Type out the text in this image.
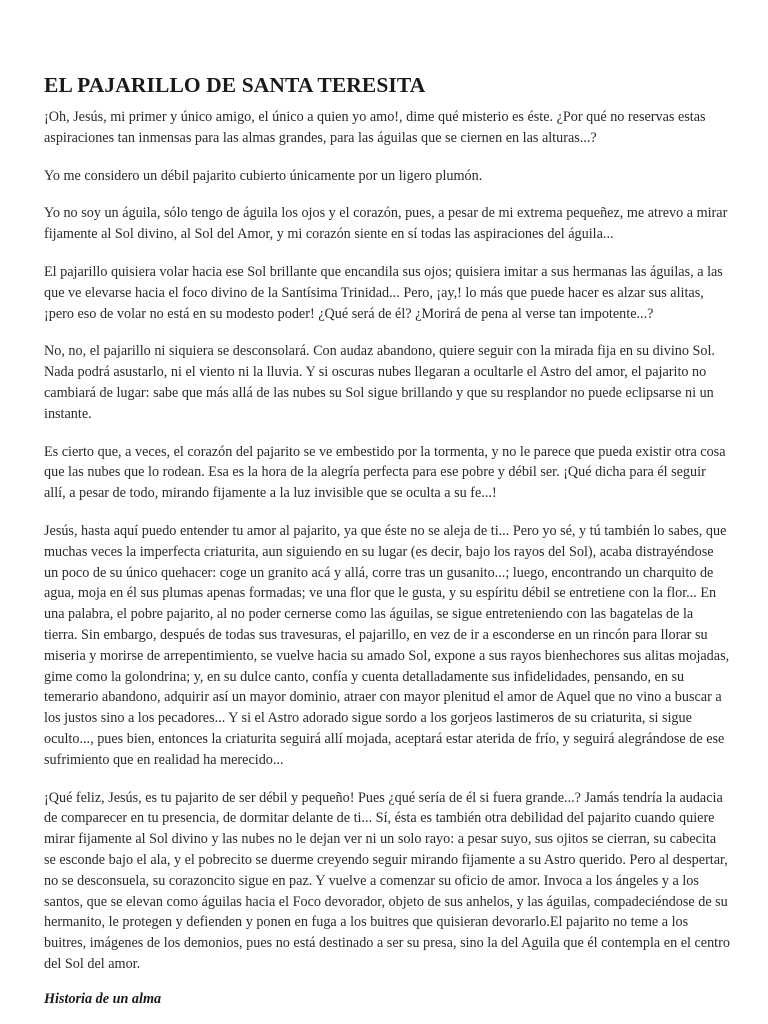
EL PAJARILLO DE SANTA TERESITA

¡Oh, Jesús, mi primer y único amigo, el único a quien yo amo!, dime qué misterio es éste. ¿Por qué no reservas estas aspiraciones tan inmensas para las almas grandes, para las águilas que se ciernen en las alturas...?

Yo me considero un débil pajarito cubierto únicamente por un ligero plumón.

Yo no soy un águila, sólo tengo de águila los ojos y el corazón, pues, a pesar de mi extrema pequeñez, me atrevo a mirar fijamente al Sol divino, al Sol del Amor, y mi corazón siente en sí todas las aspiraciones del águila...

El pajarillo quisiera volar hacia ese Sol brillante que encandila sus ojos; quisiera imitar a sus hermanas las águilas, a las que ve elevarse hacia el foco divino de la Santísima Trinidad... Pero, ¡ay,! lo más que puede hacer es alzar sus alitas, ¡pero eso de volar no está en su modesto poder! ¿Qué será de él? ¿Morirá de pena al verse tan impotente...?

No, no, el pajarillo ni siquiera se desconsolará. Con audaz abandono, quiere seguir con la mirada fija en su divino Sol. Nada podrá asustarlo, ni el viento ni la lluvia. Y si oscuras nubes llegaran a ocultarle el Astro del amor, el pajarito no cambiará de lugar: sabe que más allá de las nubes su Sol sigue brillando y que su resplandor no puede eclipsarse ni un instante.

Es cierto que, a veces, el corazón del pajarito se ve embestido por la tormenta, y no le parece que pueda existir otra cosa que las nubes que lo rodean. Esa es la hora de la alegría perfecta para ese pobre y débil ser. ¡Qué dicha para él seguir allí, a pesar de todo, mirando fijamente a la luz invisible que se oculta a su fe...!

Jesús, hasta aquí puedo entender tu amor al pajarito, ya que éste no se aleja de ti... Pero yo sé, y tú también lo sabes, que muchas veces la imperfecta criaturita, aun siguiendo en su lugar (es decir, bajo los rayos del Sol), acaba distrayéndose un poco de su único quehacer: coge un granito acá y allá, corre tras un gusanito...; luego, encontrando un charquito de agua, moja en él sus plumas apenas formadas; ve una flor que le gusta, y su espíritu débil se entretiene con la flor... En una palabra, el pobre pajarito, al no poder cernerse como las águilas, se sigue entreteniendo con las bagatelas de la tierra. Sin embargo, después de todas sus travesuras, el pajarillo, en vez de ir a esconderse en un rincón para llorar su miseria y morirse de arrepentimiento, se vuelve hacia su amado Sol, expone a sus rayos bienhechores sus alitas mojadas, gime como la golondrina; y, en su dulce canto, confía y cuenta detalladamente sus infidelidades, pensando, en su temerario abandono, adquirir así un mayor dominio, atraer con mayor plenitud el amor de Aquel que no vino a buscar a los justos sino a los pecadores... Y si el Astro adorado sigue sordo a los gorjeos lastimeros de su criaturita, si sigue oculto..., pues bien, entonces la criaturita seguirá allí mojada, aceptará estar aterida de frío, y seguirá alegrándose de ese sufrimiento que en realidad ha merecido...

¡Qué feliz, Jesús, es tu pajarito de ser débil y pequeño! Pues ¿qué sería de él si fuera grande...? Jamás tendría la audacia de comparecer en tu presencia, de dormitar delante de ti... Sí, ésta es también otra debilidad del pajarito cuando quiere mirar fijamente al Sol divino y las nubes no le dejan ver ni un solo rayo: a pesar suyo, sus ojitos se cierran, su cabecita se esconde bajo el ala, y el pobrecito se duerme creyendo seguir mirando fijamente a su Astro querido. Pero al despertar, no se desconsuela, su corazoncito sigue en paz. Y vuelve a comenzar su oficio de amor. Invoca a los ángeles y a los santos, que se elevan como águilas hacia el Foco devorador, objeto de sus anhelos, y las águilas, compadeciéndose de su hermanito, le protegen y defienden y ponen en fuga a los buitres que quisieran devorarlo.El pajarito no teme a los buitres, imágenes de los demonios, pues no está destinado a ser su presa, sino la del Aguila que él contempla en el centro del Sol del amor.

Historia de un alma
